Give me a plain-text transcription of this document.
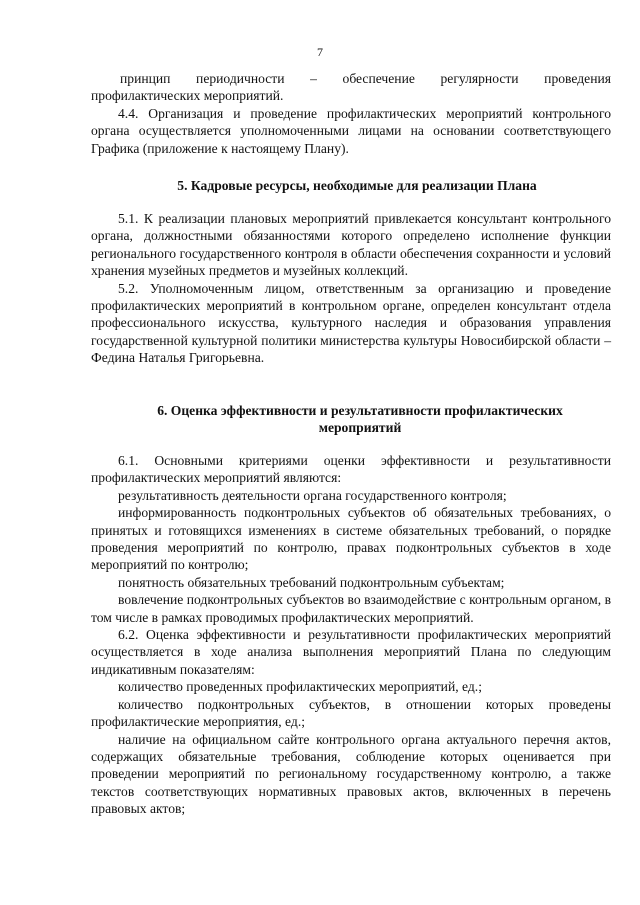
7

принцип периодичности – обеспечение регулярности проведения профилактических мероприятий.

4.4. Организация и проведение профилактических мероприятий контрольного органа осуществляется уполномоченными лицами на основании соответствующего Графика (приложение к настоящему Плану).

5. Кадровые ресурсы, необходимые для реализации Плана

5.1. К реализации плановых мероприятий привлекается консультант контрольного органа, должностными обязанностями которого определено исполнение функции регионального государственного контроля в области обеспечения сохранности и условий хранения музейных предметов и музейных коллекций.

5.2. Уполномоченным лицом, ответственным за организацию и проведение профилактических мероприятий в контрольном органе, определен консультант отдела профессионального искусства, культурного наследия и образования управления государственной культурной политики министерства культуры Новосибирской области – Федина Наталья Григорьевна.

6. Оценка эффективности и результативности профилактических мероприятий

6.1. Основными критериями оценки эффективности и результативности профилактических мероприятий являются:

результативность деятельности органа государственного контроля;

информированность подконтрольных субъектов об обязательных требованиях, о принятых и готовящихся изменениях в системе обязательных требований, о порядке проведения мероприятий по контролю, правах подконтрольных субъектов в ходе мероприятий по контролю;

понятность обязательных требований подконтрольным субъектам;

вовлечение подконтрольных субъектов во взаимодействие с контрольным органом, в том числе в рамках проводимых профилактических мероприятий.

6.2. Оценка эффективности и результативности профилактических мероприятий осуществляется в ходе анализа выполнения мероприятий Плана по следующим индикативным показателям:

количество проведенных профилактических мероприятий, ед.;

количество подконтрольных субъектов, в отношении которых проведены профилактические мероприятия, ед.;

наличие на официальном сайте контрольного органа актуального перечня актов, содержащих обязательные требования, соблюдение которых оценивается при проведении мероприятий по региональному государственному контролю, а также текстов соответствующих нормативных правовых актов, включенных в перечень правовых актов;
